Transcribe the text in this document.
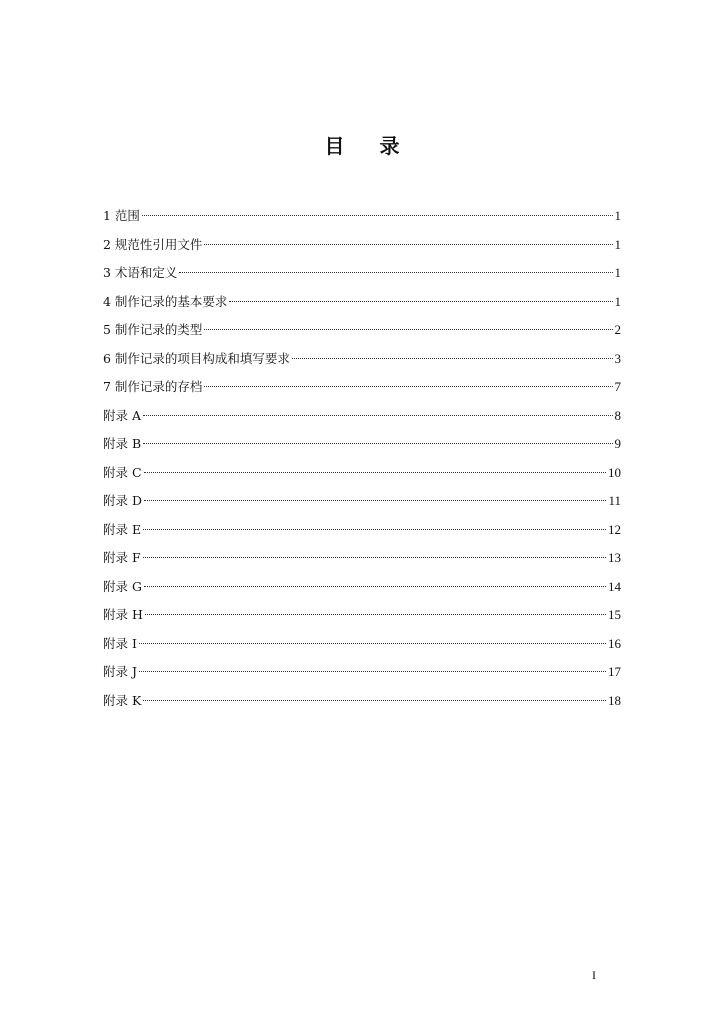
目 录
1 范围	1
2 规范性引用文件	1
3 术语和定义	1
4 制作记录的基本要求	1
5 制作记录的类型	2
6 制作记录的项目构成和填写要求	3
7 制作记录的存档	7
附录 A	8
附录 B	9
附录 C	10
附录 D	11
附录 E	12
附录 F	13
附录 G	14
附录 H	15
附录 I	16
附录 J	17
附录 K	18
I
